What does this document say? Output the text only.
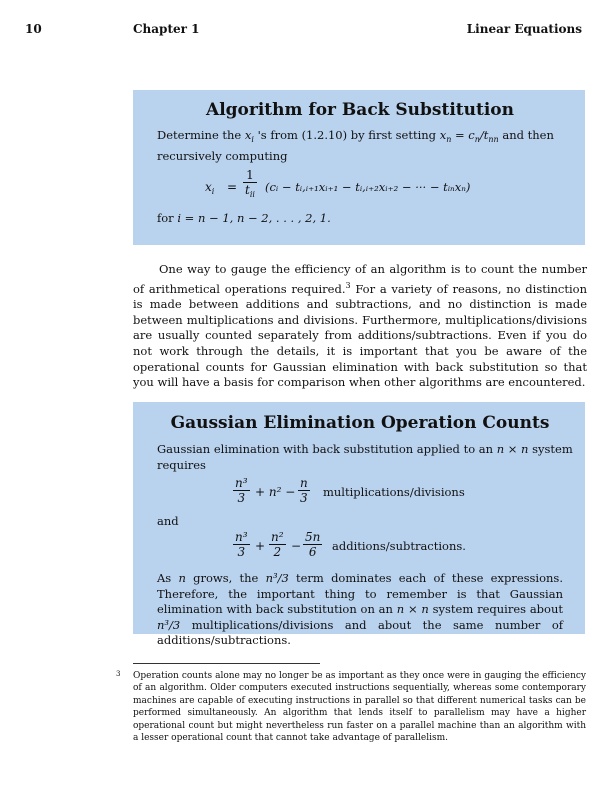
10	Chapter 1	Linear Equations
Algorithm for Back Substitution
Determine the $x_i$ 's from (1.2.10) by first setting $x_n = c_n/t_{nn}$ and then
recursively computing
$x_i$ =
1
$t_{ii}$
(cᵢ − tᵢ,ᵢ₊₁xᵢ₊₁ − tᵢ,ᵢ₊₂xᵢ₊₂ − ··· − tᵢₙxₙ)
for i = n − 1, n − 2, . . . , 2, 1.
One way to gauge the efficiency of an algorithm is to count the number of arithmetical operations required.$^3$ For a variety of reasons, no distinction is made between additions and subtractions, and no distinction is made between multiplications and divisions. Furthermore, multiplications/divisions are usually counted separately from additions/subtractions. Even if you do not work through the details, it is important that you be aware of the operational counts for Gaussian elimination with back substitution so that you will have a basis for comparison when other algorithms are encountered.
Gaussian Elimination Operation Counts
Gaussian elimination with back substitution applied to an n × n system
requires
$\frac{\text{n³}}{3} + n^2 - \frac{n}{3}$ multiplications/divisions
and
$\frac{\text{n³}}{3} + \frac{\text{n²}}{2} - \frac{5n}{6}$ additions/subtractions.
As n grows, the n³/3 term dominates each of these expressions. Therefore, the important thing to remember is that Gaussian elimination with back substitution on an n × n system requires about n³/3 multiplications/divisions and about the same number of additions/subtractions.
3 Operation counts alone may no longer be as important as they once were in gauging the efficiency of an algorithm. Older computers executed instructions sequentially, whereas some contemporary machines are capable of executing instructions in parallel so that different numerical tasks can be performed simultaneously. An algorithm that lends itself to parallelism may have a higher operational count but might nevertheless run faster on a parallel machine than an algorithm with a lesser operational count that cannot take advantage of parallelism.
